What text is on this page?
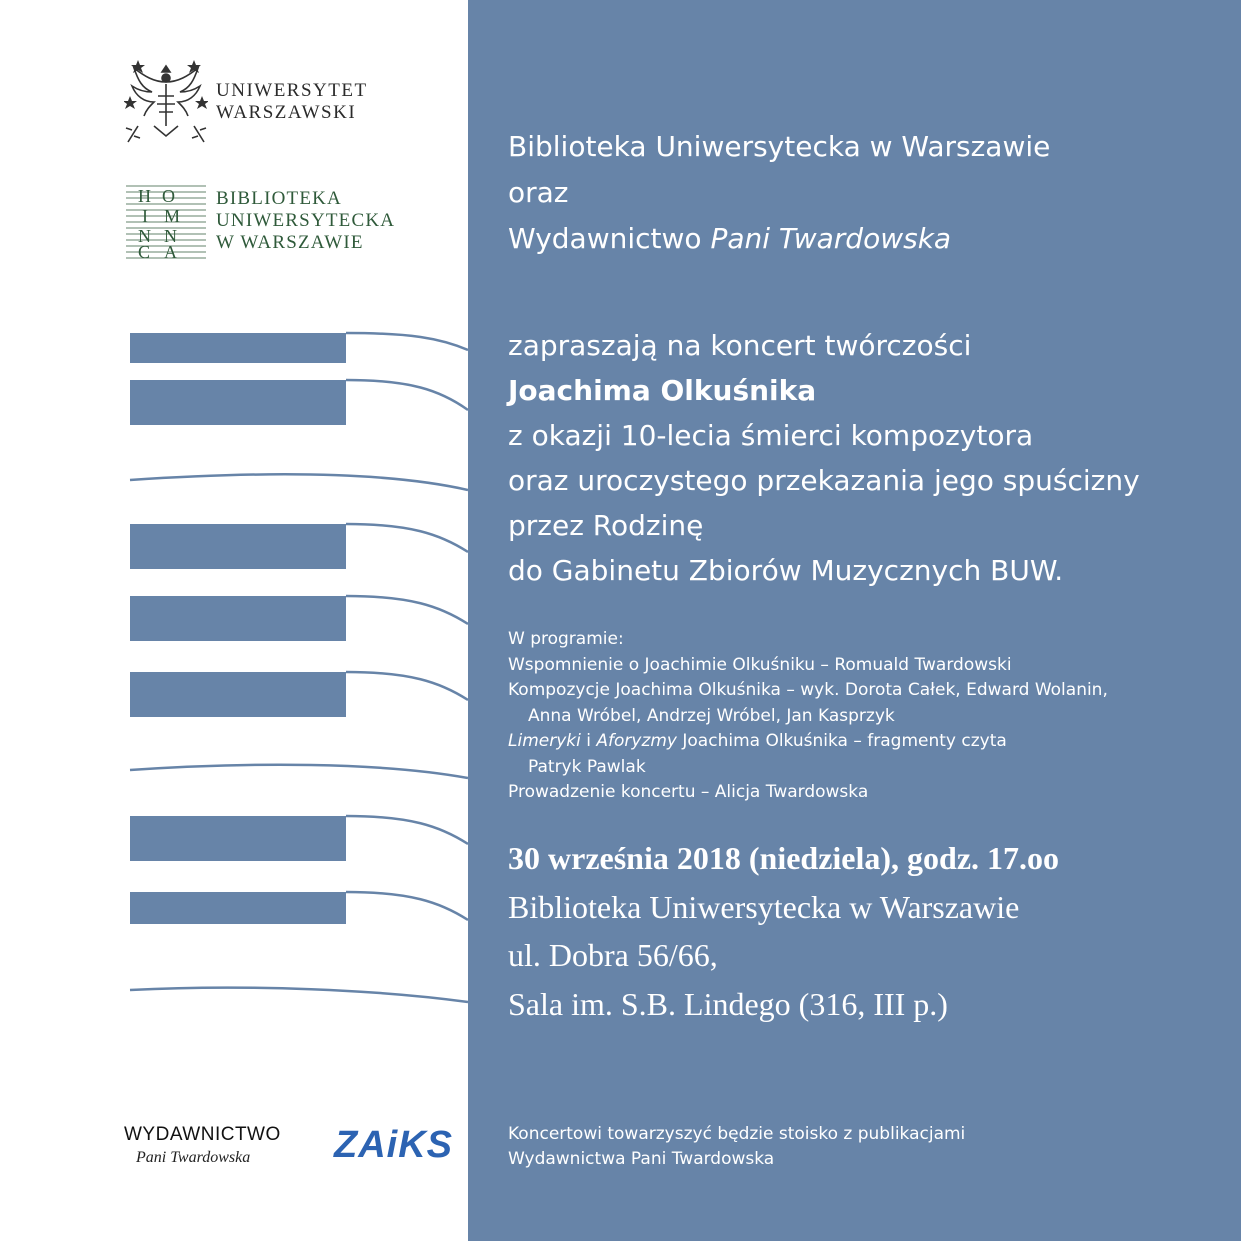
UNIWERSYTET
WARSZAWSKI
H O
I M
N N
C A
BIBLIOTEKA
UNIWERSYTECKA
W WARSZAWIE
WYDAWNICTWO
Pani Twardowska	ZAiKS
Biblioteka Uniwersytecka w Warszawie
oraz
Wydawnictwo Pani Twardowska
zapraszają na koncert twórczości
Joachima Olkuśnika
z okazji 10-lecia śmierci kompozytora
oraz uroczystego przekazania jego spuścizny
przez Rodzinę
do Gabinetu Zbiorów Muzycznych BUW.
W programie:
Wspomnienie o Joachimie Olkuśniku – Romuald Twardowski
Kompozycje Joachima Olkuśnika – wyk. Dorota Całek, Edward Wolanin,
Anna Wróbel, Andrzej Wróbel, Jan Kasprzyk
Limeryki i Aforyzmy Joachima Olkuśnika – fragmenty czyta
Patryk Pawlak
Prowadzenie koncertu – Alicja Twardowska
30 września 2018 (niedziela), godz. 17.oo
Biblioteka Uniwersytecka w Warszawie
ul. Dobra 56/66,
Sala im. S.B. Lindego (316, III p.)
Koncertowi towarzyszyć będzie stoisko z publikacjami
Wydawnictwa Pani Twardowska
